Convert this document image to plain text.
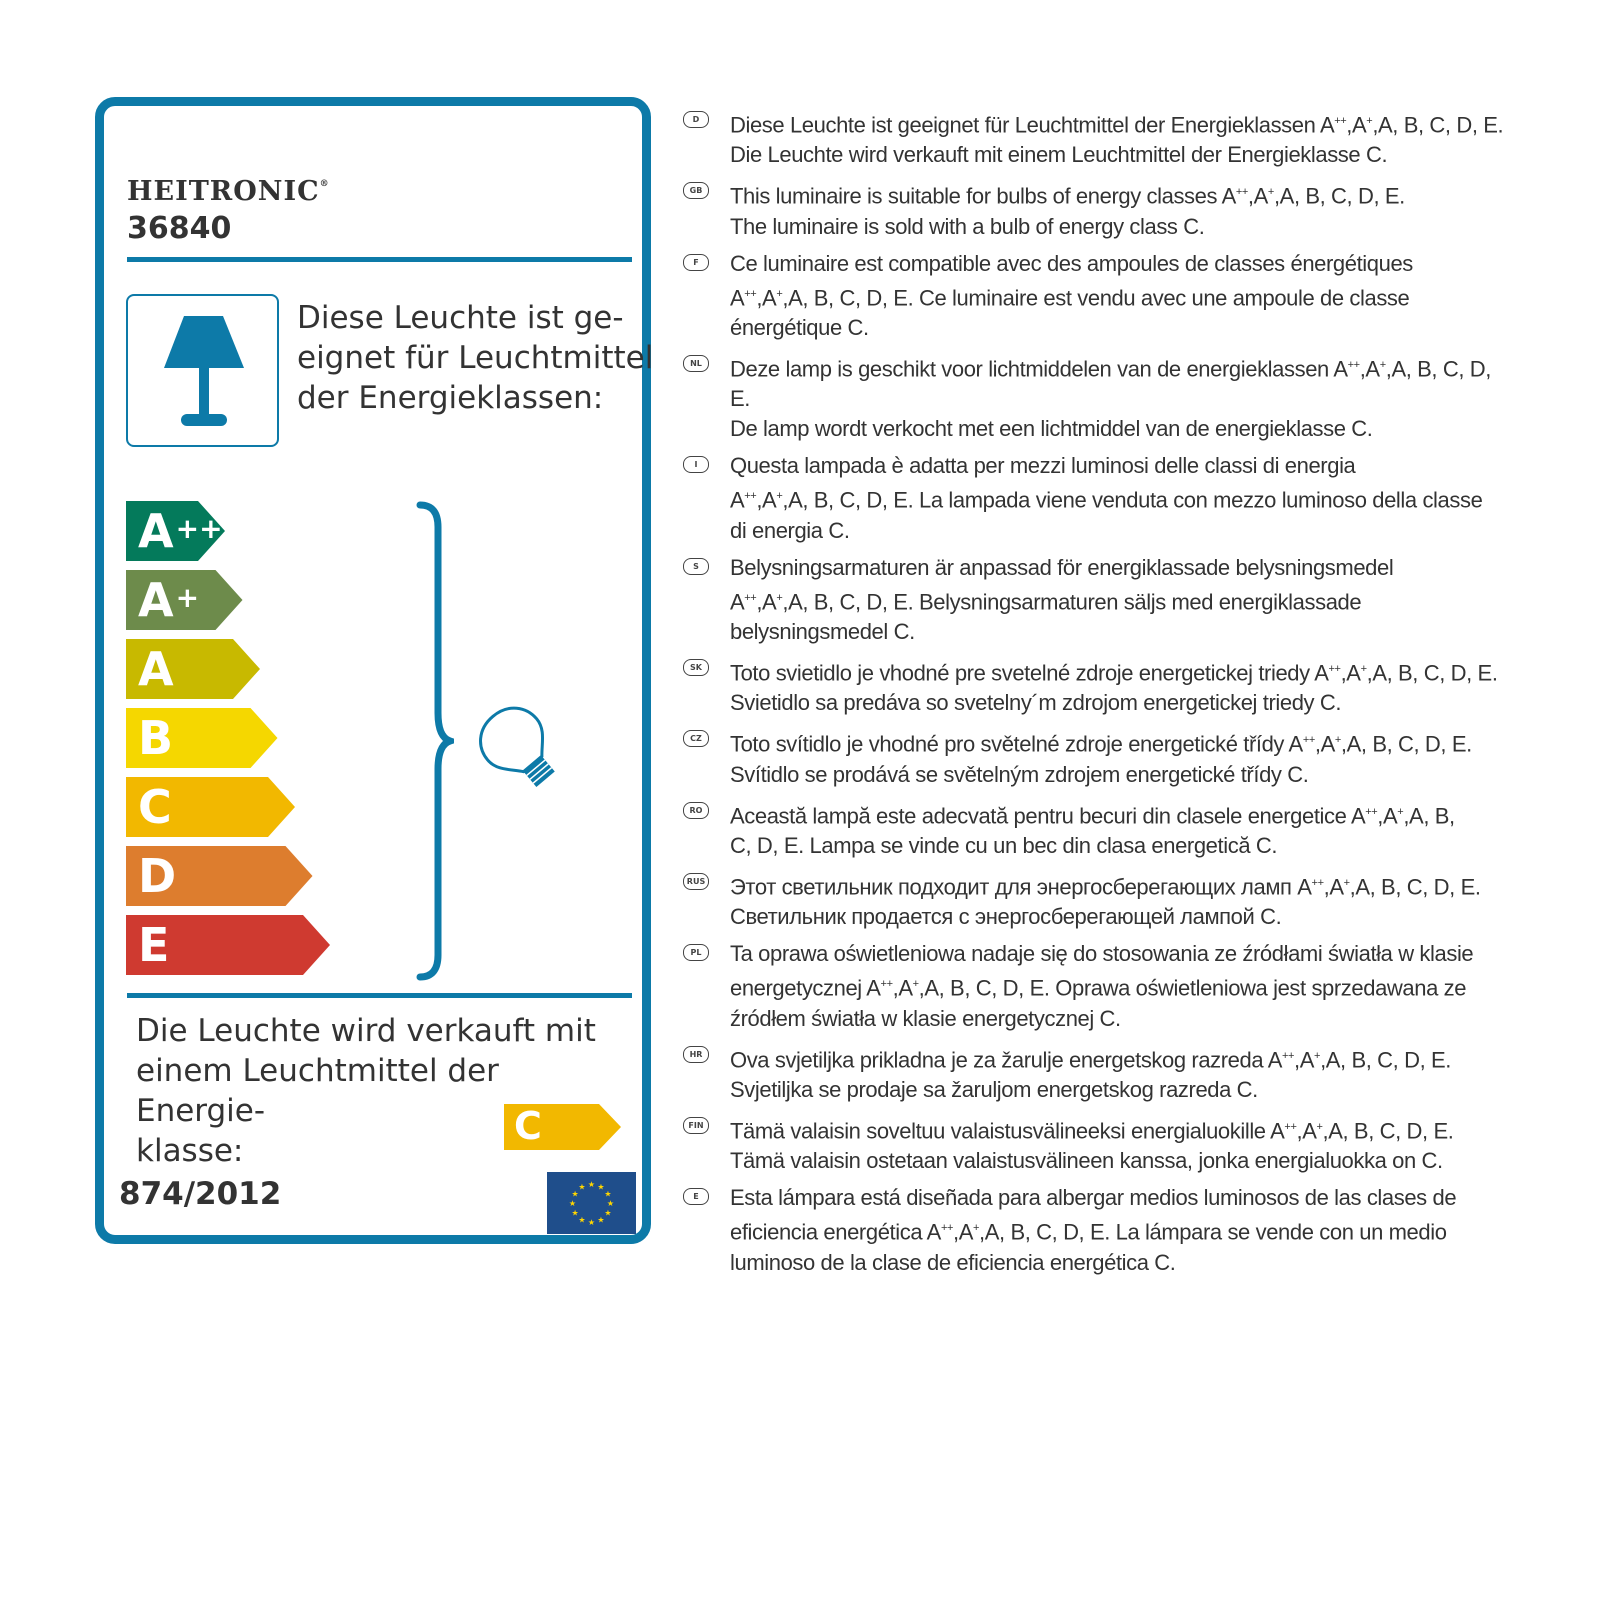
HEITRONIC®
36840
Diese Leuchte ist ge-
eignet für Leuchtmittel
der Energieklassen:
A++
A+
A
B
C
D
E
Die Leuchte wird verkauft mit
einem Leuchtmittel der Energie-
klasse:
C
874/2012	★ ★
★
★
★
★
★
★
★
★
★
★
D	Diese Leuchte ist geeignet für Leuchtmittel der Energieklassen A++,A+,A, B, C, D, E.
Die Leuchte wird verkauft mit einem Leuchtmittel der Energieklasse C.
GB	This luminaire is suitable for bulbs of energy classes A++,A+,A, B, C, D, E.
The luminaire is sold with a bulb of energy class C.
F	Ce luminaire est compatible avec des ampoules de classes énergétiques
A++,A+,A, B, C, D, E. Ce luminaire est vendu avec une ampoule de classe
énergétique C.
NL	Deze lamp is geschikt voor lichtmiddelen van de energieklassen A++,A+,A, B, C, D, E.
De lamp wordt verkocht met een lichtmiddel van de energieklasse C.
I	Questa lampada è adatta per mezzi luminosi delle classi di energia
A++,A+,A, B, C, D, E. La lampada viene venduta con mezzo luminoso della classe
di energia C.
S	Belysningsarmaturen är anpassad för energiklassade belysningsmedel
A++,A+,A, B, C, D, E. Belysningsarmaturen säljs med energiklassade
belysningsmedel C.
SK	Toto svietidlo je vhodné pre svetelné zdroje energetickej triedy A++,A+,A, B, C, D, E.
Svietidlo sa predáva so svetelny´m zdrojom energetickej triedy C.
CZ	Toto svítidlo je vhodné pro světelné zdroje energetické třídy A++,A+,A, B, C, D, E.
Svítidlo se prodává se světelným zdrojem energetické třídy C.
RO Această lampă este adecvată pentru becuri din clasele energetice A++,A+,A, B,
C, D, E. Lampa se vinde cu un bec din clasa energetică C.
RUS Этот светильник подходит для энергосберегающих ламп A++,A+,A, B, C, D, E.
Светильник продается с энергосберегающей лампой C.
PL	Ta oprawa oświetleniowa nadaje się do stosowania ze źródłami światła w klasie
energetycznej A++,A+,A, B, C, D, E. Oprawa oświetleniowa jest sprzedawana ze
źródłem światła w klasie energetycznej C.
HR Ova svjetiljka prikladna je za žarulje energetskog razreda A++,A+,A, B, C, D, E.
Svjetiljka se prodaje sa žaruljom energetskog razreda C.
FIN Tämä valaisin soveltuu valaistusvälineeksi energialuokille A++,A+,A, B, C, D, E.
Tämä valaisin ostetaan valaistusvälineen kanssa, jonka energialuokka on C.
E	Esta lámpara está diseñada para albergar medios luminosos de las clases de
eficiencia energética A++,A+,A, B, C, D, E. La lámpara se vende con un medio
luminoso de la clase de eficiencia energética C.
